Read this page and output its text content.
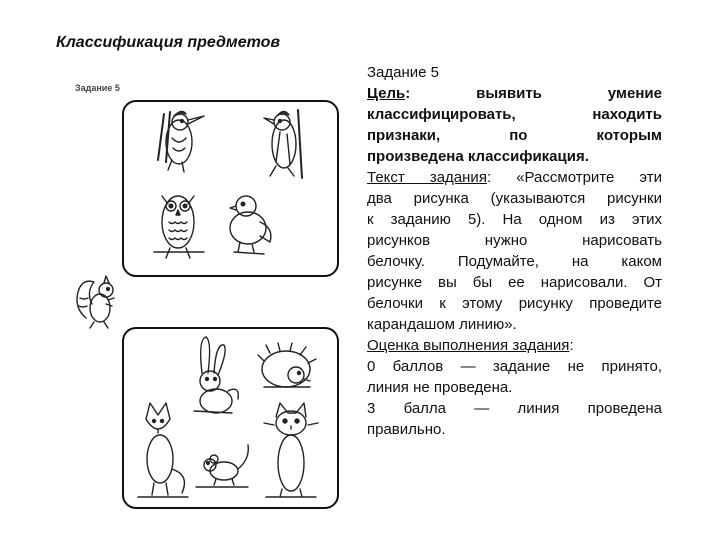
Классификация предметов
Задание 5

Задание 5

Цель: выявить умение

классифицировать, находить

признаки, по которым

произведена классификация.

Текст задания: «Рассмотрите эти

два рисунка (указываются рисунки

к заданию 5). На одном из этих

рисунков нужно нарисовать

белочку. Подумайте, на каком

рисунке вы бы ее нарисовали. От

белочки к этому рисунку проведите

карандашом линию».

Оценка выполнения задания:

0 баллов — задание не принято,

линия не проведена.

3 балла — линия проведена

правильно.
